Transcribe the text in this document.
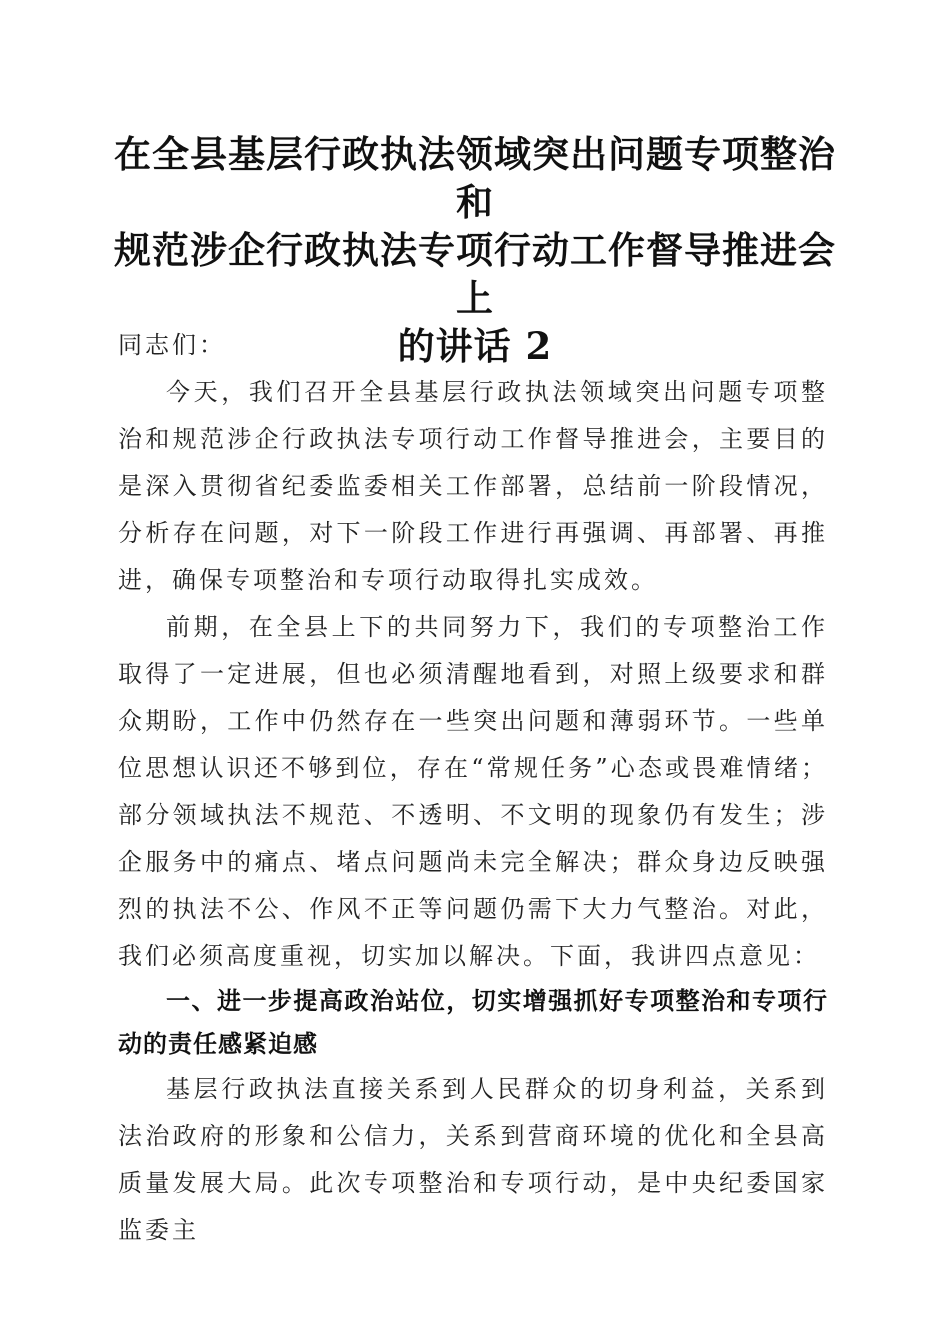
在全县基层行政执法领域突出问题专项整治和
规范涉企行政执法专项行动工作督导推进会上
的讲话 2

同志们：

今天，我们召开全县基层行政执法领域突出问题专项整治和规范涉企行政执法专项行动工作督导推进会，主要目的是深入贯彻省纪委监委相关工作部署，总结前一阶段情况，分析存在问题，对下一阶段工作进行再强调、再部署、再推进，确保专项整治和专项行动取得扎实成效。

前期，在全县上下的共同努力下，我们的专项整治工作取得了一定进展，但也必须清醒地看到，对照上级要求和群众期盼，工作中仍然存在一些突出问题和薄弱环节。一些单位思想认识还不够到位，存在“常规任务”心态或畏难情绪；部分领域执法不规范、不透明、不文明的现象仍有发生；涉企服务中的痛点、堵点问题尚未完全解决；群众身边反映强烈的执法不公、作风不正等问题仍需下大力气整治。对此，我们必须高度重视，切实加以解决。下面，我讲四点意见：

一、进一步提高政治站位，切实增强抓好专项整治和专项行动的责任感紧迫感

基层行政执法直接关系到人民群众的切身利益，关系到法治政府的形象和公信力，关系到营商环境的优化和全县高质量发展大局。此次专项整治和专项行动，是中央纪委国家监委主
